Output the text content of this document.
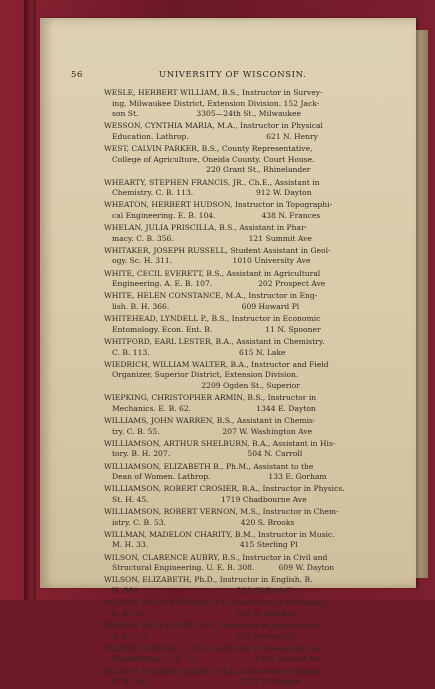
56	UNIVERSITY OF WISCONSIN.
WESLE, HERBERT WILLIAM, B.S., Instructor in Survey-
ing, Milwaukee District, Extension Division. 152 Jack-
son St.                        3305—24th St., Milwaukee
WESSON, CYNTHIA MARIA, M.A., Instructor in Physical
Education. Lathrop.                                621 N. Henry
WEST, CALVIN PARKER, B.S., County Representative,
College of Agriculture, Oneida County. Court House.
220 Grant St., Rhinelander
WHEARTY, STEPHEN FRANCIS, JR., Ch.E., Assistant in
Chemistry. C. B. 113.                          912 W. Dayton
WHEATON, HERBERT HUDSON, Instructor in Topographi-
cal Engineering. E. B. 104.                   438 N. Frances
WHELAN, JULIA PRISCILLA, B.S., Assistant in Phar-
macy. C. B. 356.                               121 Summit Ave
WHITAKER, JOSEPH RUSSELL, Student Assistant in Geol-
ogy. Sc. H. 311.                         1010 University Ave
WHITE, CECIL EVERETT, B.S., Assistant in Agricultural
Engineering. A. E. B. 107.                   202 Prospect Ave
WHITE, HELEN CONSTANCE, M.A., Instructor in Eng-
lish. B. H. 366.                              609 Howard Pl
WHITEHEAD, LYNDELL P., B.S., Instructor in Economic
Entomology. Econ. Ent. B.                      11 N. Spooner
WHITFORD, EARL LESTER, B.A., Assistant in Chemistry.
C. B. 113.                                     615 N. Lake
WIEDRICH, WILLIAM WALTER, B.A., Instructor and Field
Organizer, Superior District, Extension Division.
2209 Ogden St., Superior
WIEPKING, CHRISTOPHER ARMIN, B.S., Instructor in
Mechanics. E. B. 62.                           1344 E. Dayton
WILLIAMS, JOHN WARREN, B.S., Assistant in Chemis-
try. C. B. 55.                          207 W. Washington Ave
WILLIAMSON, ARTHUR SHELBURN, B.A., Assistant in His-
tory. B. H. 207.                                504 N. Carroll
WILLIAMSON, ELIZABETH B., Ph.M., Assistant to the
Dean of Women. Lathrop.                        133 E. Gorham
WILLIAMSON, ROBERT CROSIER, B.A., Instructor in Physics.
St. H. 45.                              1719 Chadbourne Ave
WILLIAMSON, ROBERT VERNON, M.S., Instructor in Chem-
istry. C. B. 53.                               420 S. Brooks
WILLMAN, MADELON CHARITY, B.M., Instructor in Music.
M. H. 33.                                      415 Sterling Pl
WILSON, CLARENCE AUBRY, B.S., Instructor in Civil and
Structural Engineering. U. E. B. 308.          609 W. Dayton
WILSON, ELIZABETH, Ph.D., Instructor in English. B.
H. 364.                                        223 Clifford Ct
WILSON, DAVID MATHIAS, B.S., Instructor in Mechanics.
E. B. 62.                                      602 S. Baldwin
WILSON, DELLA FORD, B.S., Instructor in Applied Arts.
A. A. L. 3.                                    612 Howard Pl
WILSON, GROVER C., B.S., Instructor in Steam and Gas
Engineering. E. B. 72.                        1426 Atwood Ave
WILSON, GEORGE PICKETT, M.A., Instructor in English.
B. H. 361.                                     1222 W. Dayton
